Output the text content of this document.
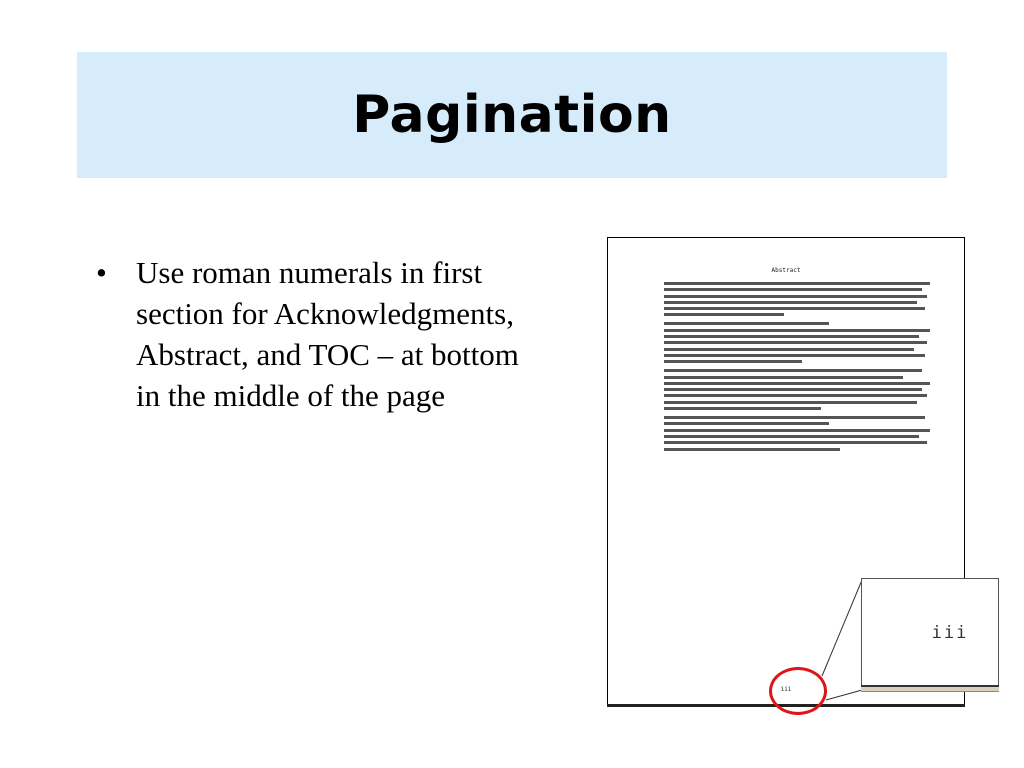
Pagination
• Use roman numerals in first section for Acknowledgments, Abstract, and TOC – at bottom in the middle of the page
Abstract
iii
iii
